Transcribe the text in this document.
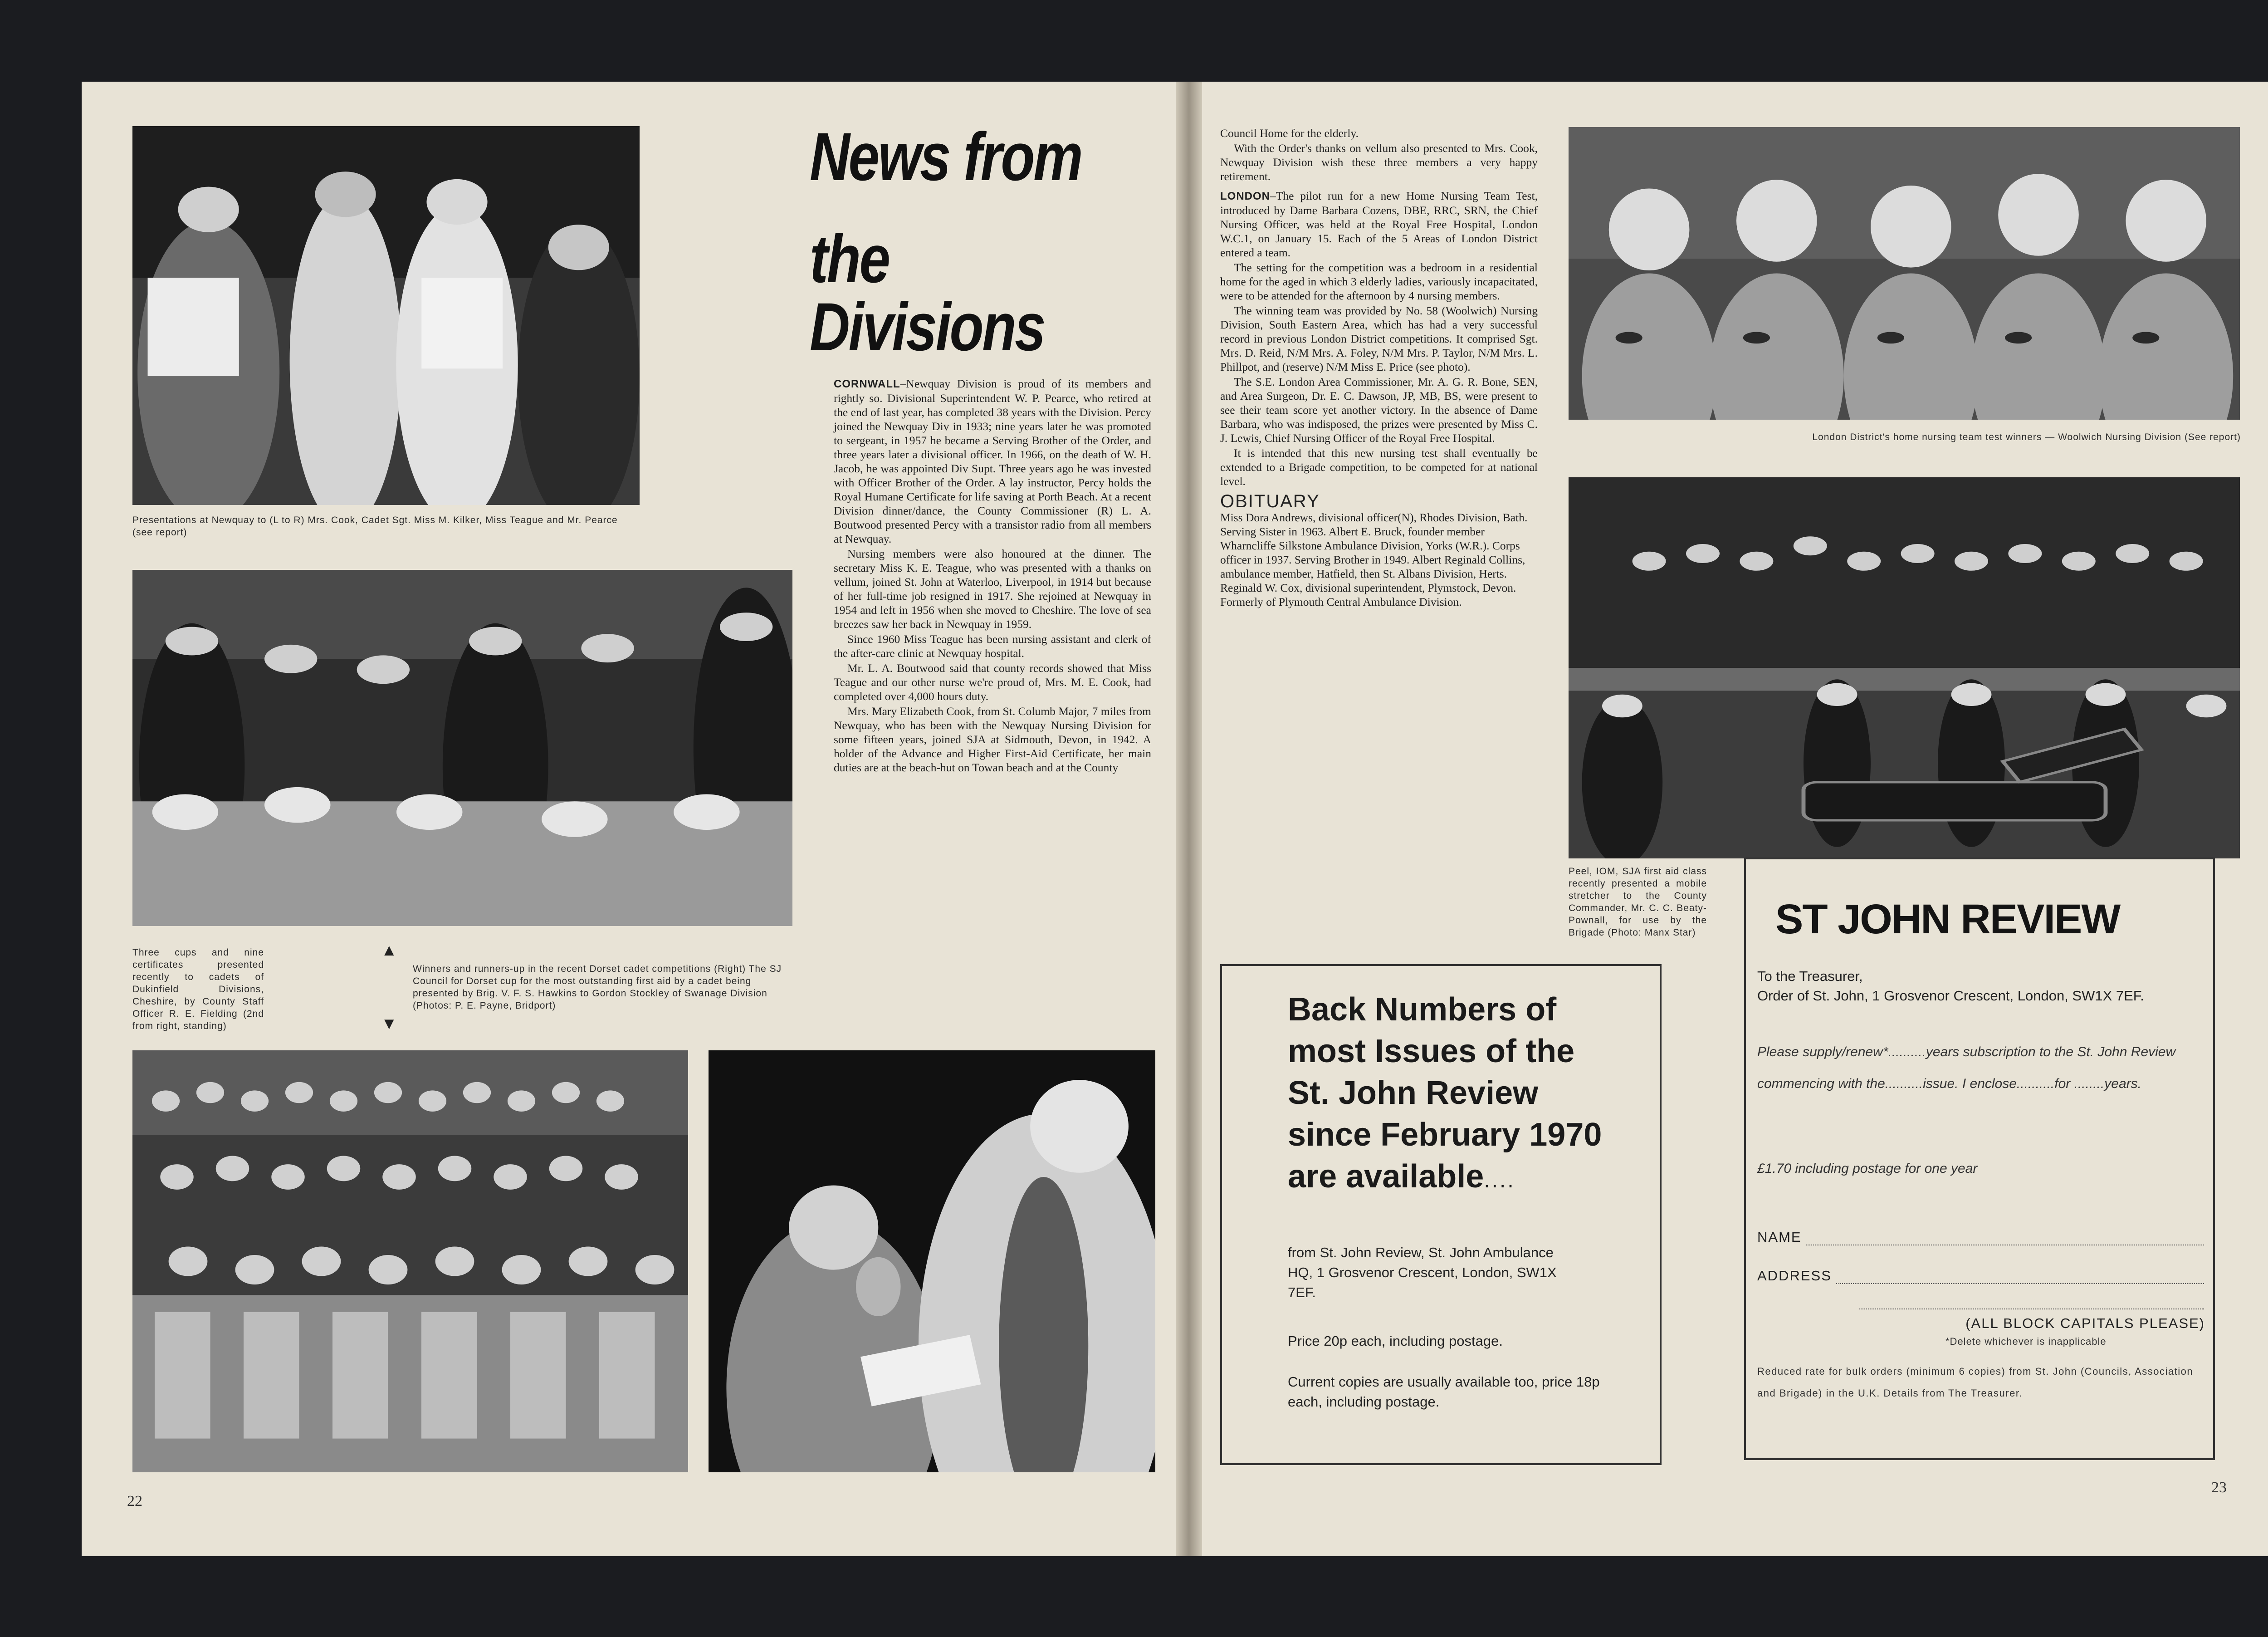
Presentations at Newquay to (L to R) Mrs. Cook, Cadet Sgt. Miss M. Kilker, Miss Teague and Mr. Pearce (see report)
Three cups and nine certificates presented recently to cadets of Dukinfield Divisions, Cheshire, by County Staff Officer R. E. Fielding (2nd from right, standing)
▲
▼
Winners and runners-up in the recent Dorset cadet competitions (Right) The SJ Council for Dorset cup for the most outstanding first aid by a cadet being presented by Brig. V. F. S. Hawkins to Gordon Stockley of Swanage Division (Photos: P. E. Payne, Bridport)
News from
the Divisions

CORNWALL–Newquay Division is proud of its members and rightly so. Divisional Superintendent W. P. Pearce, who retired at the end of last year, has completed 38 years with the Division. Percy joined the Newquay Div in 1933; nine years later he was promoted to sergeant, in 1957 he became a Serving Brother of the Order, and three years later a divisional officer. In 1966, on the death of W. H. Jacob, he was appointed Div Supt. Three years ago he was invested with Officer Brother of the Order. A lay instructor, Percy holds the Royal Humane Certificate for life saving at Porth Beach. At a recent Division dinner/dance, the County Commissioner (R) L. A. Boutwood presented Percy with a transistor radio from all members at Newquay.

Nursing members were also honoured at the dinner. The secretary Miss K. E. Teague, who was presented with a thanks on vellum, joined St. John at Waterloo, Liverpool, in 1914 but because of her full-time job resigned in 1917. She rejoined at Newquay in 1954 and left in 1956 when she moved to Cheshire. The love of sea breezes saw her back in Newquay in 1959.

Since 1960 Miss Teague has been nursing assistant and clerk of the after-care clinic at Newquay hospital.

Mr. L. A. Boutwood said that county records showed that Miss Teague and our other nurse we're proud of, Mrs. M. E. Cook, had completed over 4,000 hours duty.

Mrs. Mary Elizabeth Cook, from St. Columb Major, 7 miles from Newquay, who has been with the Newquay Nursing Division for some fifteen years, joined SJA at Sidmouth, Devon, in 1942. A holder of the Advance and Higher First-Aid Certificate, her main duties are at the beach-hut on Towan beach and at the County

22

Council Home for the elderly.

With the Order's thanks on vellum also presented to Mrs. Cook, Newquay Division wish these three members a very happy retirement.

LONDON–The pilot run for a new Home Nursing Team Test, introduced by Dame Barbara Cozens, DBE, RRC, SRN, the Chief Nursing Officer, was held at the Royal Free Hospital, London W.C.1, on January 15. Each of the 5 Areas of London District entered a team.

The setting for the competition was a bedroom in a residential home for the aged in which 3 elderly ladies, variously incapacitated, were to be attended for the afternoon by 4 nursing members.

The winning team was provided by No. 58 (Woolwich) Nursing Division, South Eastern Area, which has had a very successful record in previous London District competitions. It comprised Sgt. Mrs. D. Reid, N/M Mrs. A. Foley, N/M Mrs. P. Taylor, N/M Mrs. L. Phillpot, and (reserve) N/M Miss E. Price (see photo).

The S.E. London Area Commissioner, Mr. A. G. R. Bone, SEN, and Area Surgeon, Dr. E. C. Dawson, JP, MB, BS, were present to see their team score yet another victory. In the absence of Dame Barbara, who was indisposed, the prizes were presented by Miss C. J. Lewis, Chief Nursing Officer of the Royal Free Hospital.

It is intended that this new nursing test shall eventually be extended to a Brigade competition, to be competed for at national level.

OBITUARY

Miss Dora Andrews, divisional officer(N), Rhodes Division, Bath. Serving Sister in 1963. Albert E. Bruck, founder member Wharncliffe Silkstone Ambulance Division, Yorks (W.R.). Corps officer in 1937. Serving Brother in 1949. Albert Reginald Collins, ambulance member, Hatfield, then St. Albans Division, Herts. Reginald W. Cox, divisional superintendent, Plymstock, Devon. Formerly of Plymouth Central Ambulance Division.

London District's home nursing team test winners — Woolwich Nursing Division (See report)
Peel, IOM, SJA first aid class recently presented a mobile stretcher to the County Commander, Mr. C. C. Beaty-Pownall, for use by the Brigade (Photo: Manx Star)
Back Numbers of
most Issues of the
St. John Review
since February 1970
are available....
from St. John Review, St. John Ambulance HQ, 1 Grosvenor Crescent, London, SW1X 7EF.
Price 20p each, including postage.
Current copies are usually available too, price 18p each, including postage.
ST JOHN REVIEW
To the Treasurer,
Order of St. John, 1 Grosvenor Crescent, London, SW1X 7EF.
Please supply/renew*..........years subscription to the St. John Review commencing with the..........issue. I enclose..........for ........years.
£1.70 including postage for one year
NAME
ADDRESS
(ALL BLOCK CAPITALS PLEASE)
*Delete whichever is inapplicable
Reduced rate for bulk orders (minimum 6 copies) from St. John (Councils, Association and Brigade) in the U.K. Details from The Treasurer.
23
